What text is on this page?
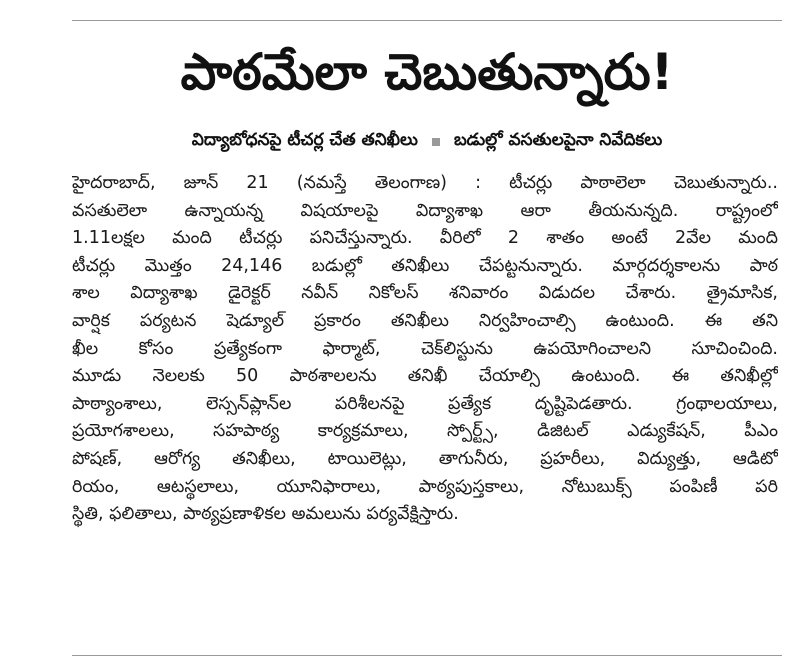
పాఠమేలా చెబుతున్నారు!
విద్యాబోధనపై టీచర్ల చేత తనిఖీలు బడుల్లో వసతులపైనా నివేదికలు
హైదరాబాద్, జూన్ 21 (నమస్తే తెలంగాణ) : టీచర్లు పాఠాలెలా చెబుతున్నారు..
వసతులెలా ఉన్నాయన్న విషయాలపై విద్యాశాఖ ఆరా తీయనున్నది. రాష్ట్రంలో
1.11లక్షల మంది టీచర్లు పనిచేస్తున్నారు. వీరిలో 2 శాతం అంటే 2వేల మంది
టీచర్లు మొత్తం 24,146 బడుల్లో తనిఖీలు చేపట్టనున్నారు. మార్గదర్శకాలను పాఠ
శాల విద్యాశాఖ డైరెక్టర్ నవీన్ నికోలస్ శనివారం విడుదల చేశారు. త్రైమాసిక,
వార్షిక పర్యటన షెడ్యూల్ ప్రకారం తనిఖీలు నిర్వహించాల్సి ఉంటుంది. ఈ తని
ఖీల కోసం ప్రత్యేకంగా ఫార్మాట్, చెక్‌లిస్టును ఉపయోగించాలని సూచించింది.
మూడు నెలలకు 50 పాఠశాలలను తనిఖీ చేయాల్సి ఉంటుంది. ఈ తనిఖీల్లో
పాఠ్యాంశాలు, లెస్సన్‌ప్లాన్‌ల పరిశీలనపై ప్రత్యేక దృష్టిపెడతారు. గ్రంథాలయాలు,
ప్రయోగశాలలు, సహపాఠ్య కార్యక్రమాలు, స్పోర్ట్స్, డిజిటల్ ఎడ్యుకేషన్, పీఎం
పోషణ్, ఆరోగ్య తనిఖీలు, టాయిలెట్లు, తాగునీరు, ప్రహరీలు, విద్యుత్తు, ఆడిటో
రియం, ఆటస్థలాలు, యూనిఫారాలు, పాఠ్యపుస్తకాలు, నోటుబుక్స్ పంపిణీ పరి
స్థితి, ఫలితాలు, పాఠ్యప్రణాళికల అమలును పర్యవేక్షిస్తారు.
